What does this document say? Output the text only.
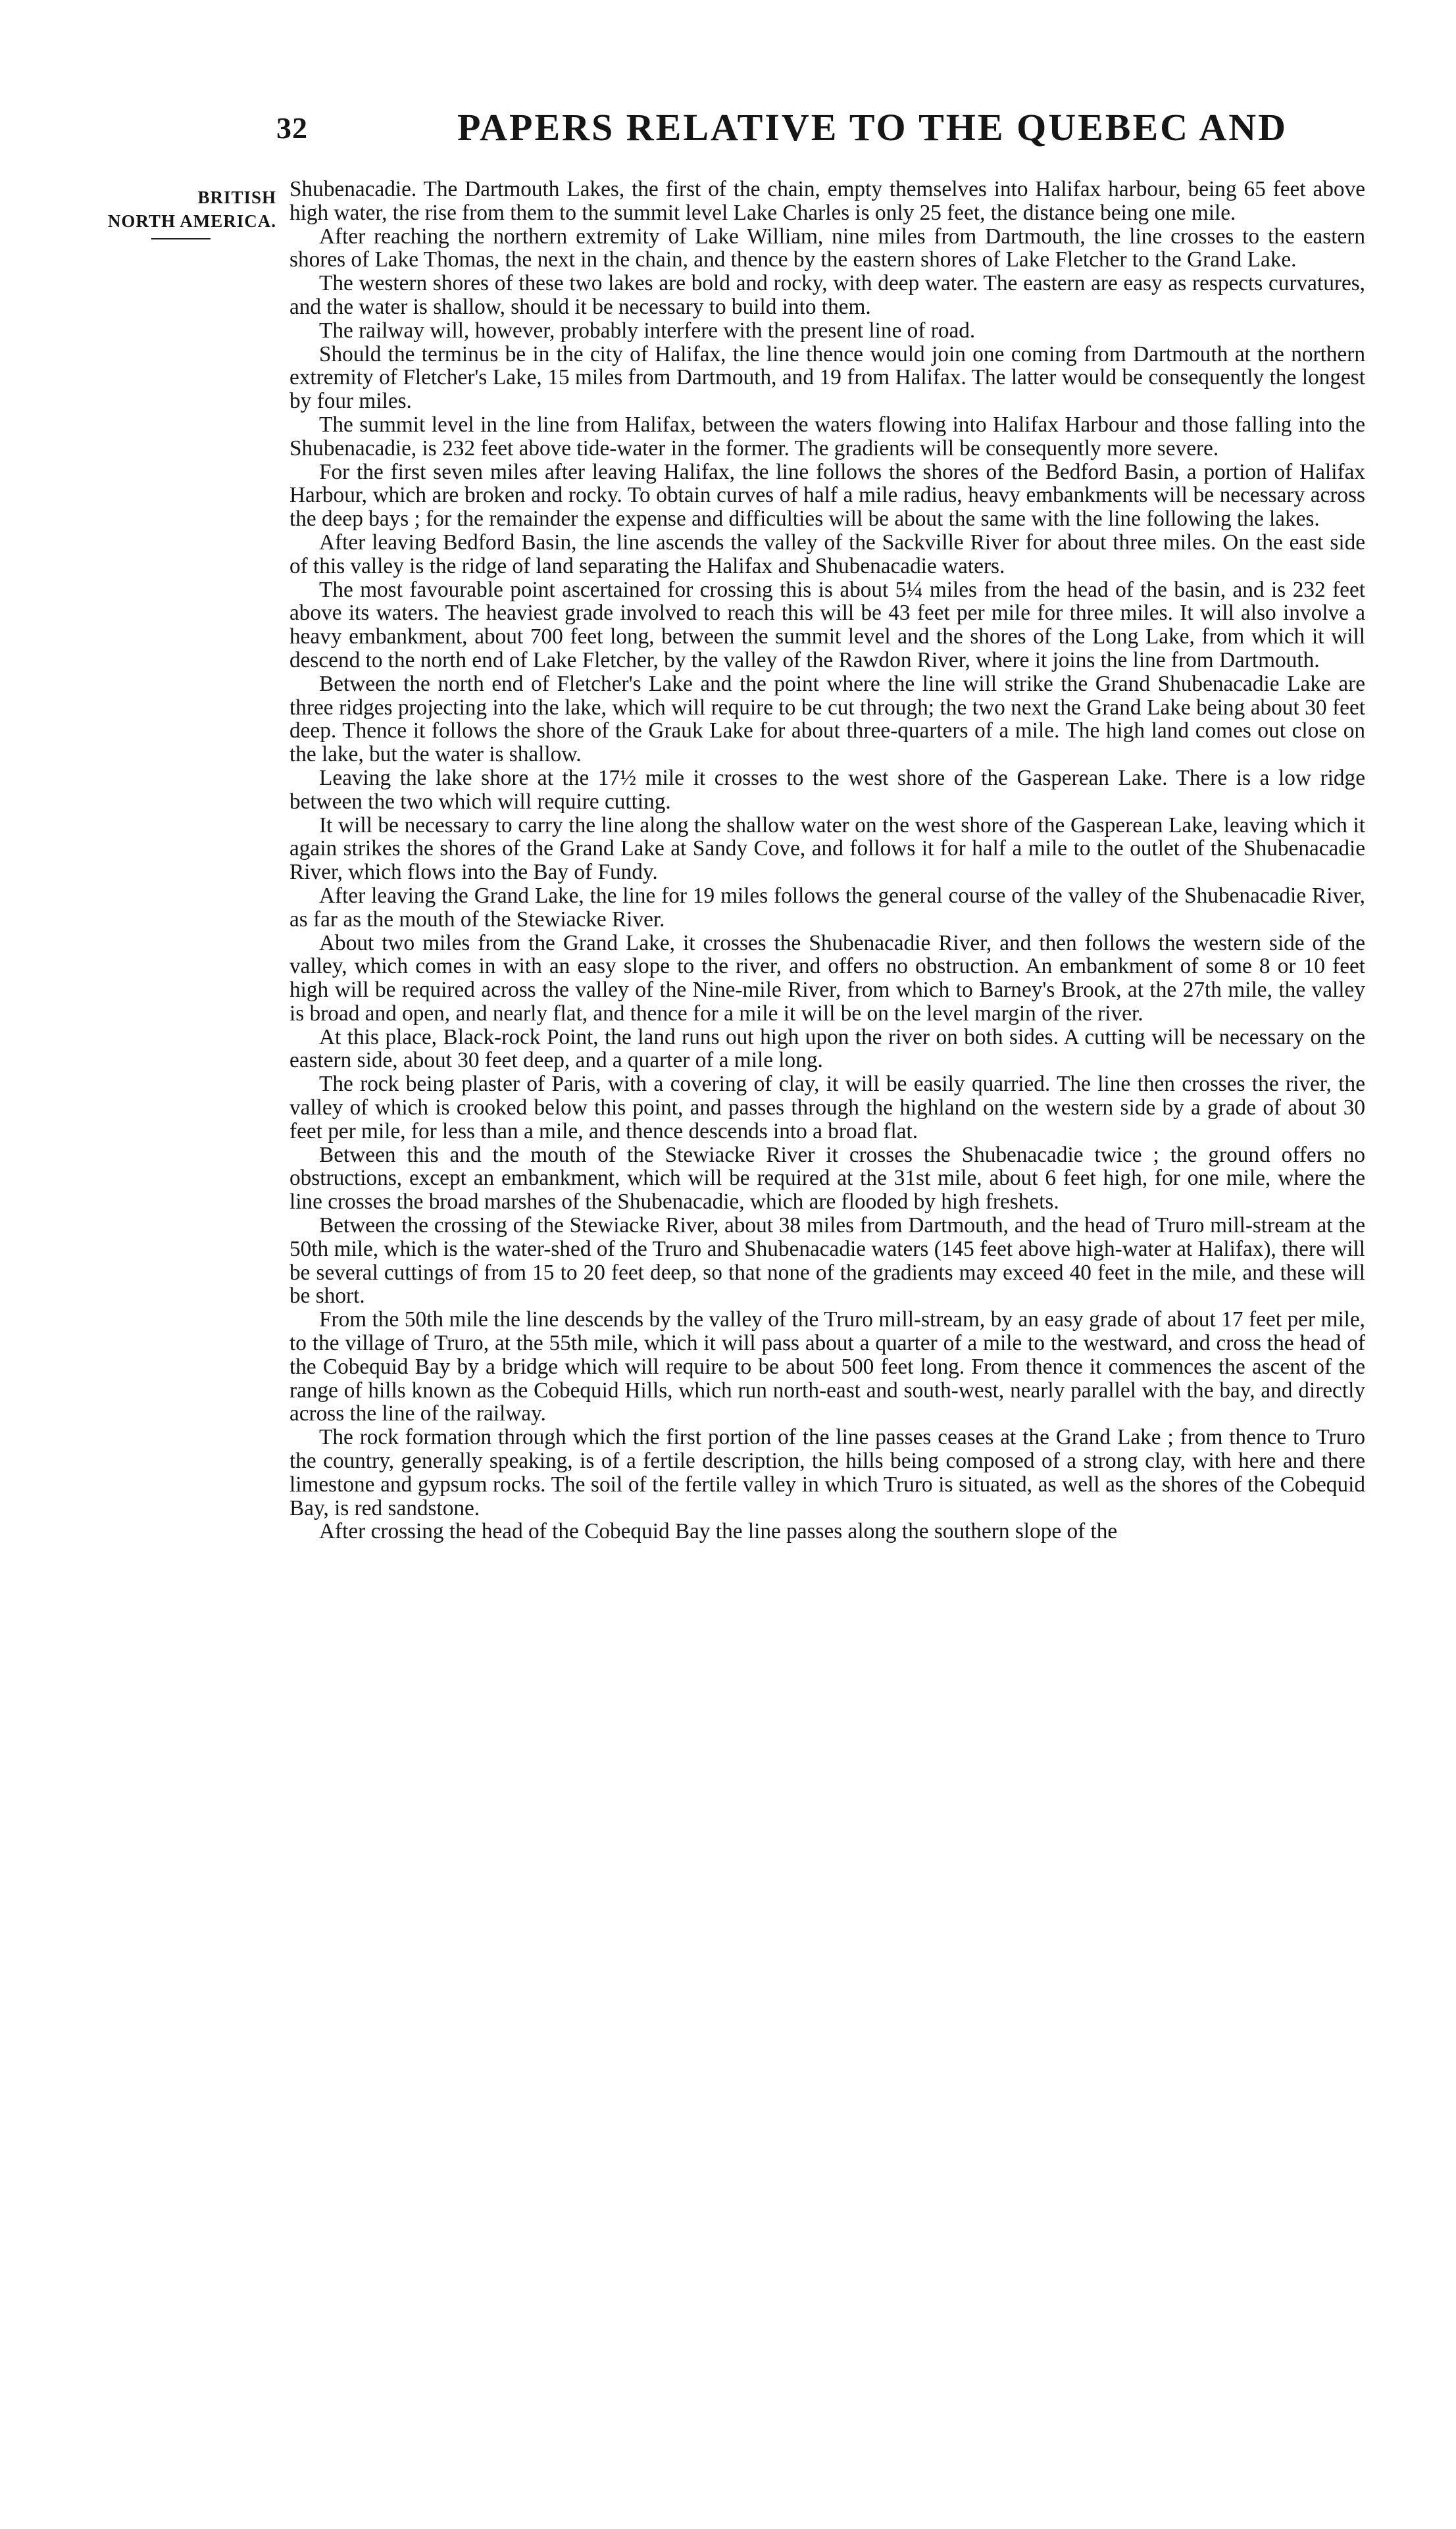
32	PAPERS RELATIVE TO THE QUEBEC AND
BRITISH
NORTH AMERICA.

Shubenacadie. The Dartmouth Lakes, the first of the chain, empty themselves into Halifax harbour, being 65 feet above high water, the rise from them to the summit level Lake Charles is only 25 feet, the distance being one mile.

After reaching the northern extremity of Lake William, nine miles from Dartmouth, the line crosses to the eastern shores of Lake Thomas, the next in the chain, and thence by the eastern shores of Lake Fletcher to the Grand Lake.

The western shores of these two lakes are bold and rocky, with deep water. The eastern are easy as respects curvatures, and the water is shallow, should it be necessary to build into them.

The railway will, however, probably interfere with the present line of road.

Should the terminus be in the city of Halifax, the line thence would join one coming from Dartmouth at the northern extremity of Fletcher's Lake, 15 miles from Dartmouth, and 19 from Halifax. The latter would be consequently the longest by four miles.

The summit level in the line from Halifax, between the waters flowing into Halifax Harbour and those falling into the Shubenacadie, is 232 feet above tide-water in the former. The gradients will be consequently more severe.

For the first seven miles after leaving Halifax, the line follows the shores of the Bedford Basin, a portion of Halifax Harbour, which are broken and rocky. To obtain curves of half a mile radius, heavy embankments will be necessary across the deep bays ; for the remainder the expense and difficulties will be about the same with the line following the lakes.

After leaving Bedford Basin, the line ascends the valley of the Sackville River for about three miles. On the east side of this valley is the ridge of land separating the Halifax and Shubenacadie waters.

The most favourable point ascertained for crossing this is about 5¼ miles from the head of the basin, and is 232 feet above its waters. The heaviest grade involved to reach this will be 43 feet per mile for three miles. It will also involve a heavy embankment, about 700 feet long, between the summit level and the shores of the Long Lake, from which it will descend to the north end of Lake Fletcher, by the valley of the Rawdon River, where it joins the line from Dartmouth.

Between the north end of Fletcher's Lake and the point where the line will strike the Grand Shubenacadie Lake are three ridges projecting into the lake, which will require to be cut through; the two next the Grand Lake being about 30 feet deep. Thence it follows the shore of the Grauk Lake for about three-quarters of a mile. The high land comes out close on the lake, but the water is shallow.

Leaving the lake shore at the 17½ mile it crosses to the west shore of the Gasperean Lake. There is a low ridge between the two which will require cutting.

It will be necessary to carry the line along the shallow water on the west shore of the Gasperean Lake, leaving which it again strikes the shores of the Grand Lake at Sandy Cove, and follows it for half a mile to the outlet of the Shubenacadie River, which flows into the Bay of Fundy.

After leaving the Grand Lake, the line for 19 miles follows the general course of the valley of the Shubenacadie River, as far as the mouth of the Stewiacke River.

About two miles from the Grand Lake, it crosses the Shubenacadie River, and then follows the western side of the valley, which comes in with an easy slope to the river, and offers no obstruction. An embankment of some 8 or 10 feet high will be required across the valley of the Nine-mile River, from which to Barney's Brook, at the 27th mile, the valley is broad and open, and nearly flat, and thence for a mile it will be on the level margin of the river.

At this place, Black-rock Point, the land runs out high upon the river on both sides. A cutting will be necessary on the eastern side, about 30 feet deep, and a quarter of a mile long.

The rock being plaster of Paris, with a covering of clay, it will be easily quarried. The line then crosses the river, the valley of which is crooked below this point, and passes through the highland on the western side by a grade of about 30 feet per mile, for less than a mile, and thence descends into a broad flat.

Between this and the mouth of the Stewiacke River it crosses the Shubenacadie twice ; the ground offers no obstructions, except an embankment, which will be required at the 31st mile, about 6 feet high, for one mile, where the line crosses the broad marshes of the Shubenacadie, which are flooded by high freshets.

Between the crossing of the Stewiacke River, about 38 miles from Dartmouth, and the head of Truro mill-stream at the 50th mile, which is the water-shed of the Truro and Shubenacadie waters (145 feet above high-water at Halifax), there will be several cuttings of from 15 to 20 feet deep, so that none of the gradients may exceed 40 feet in the mile, and these will be short.

From the 50th mile the line descends by the valley of the Truro mill-stream, by an easy grade of about 17 feet per mile, to the village of Truro, at the 55th mile, which it will pass about a quarter of a mile to the westward, and cross the head of the Cobequid Bay by a bridge which will require to be about 500 feet long. From thence it commences the ascent of the range of hills known as the Cobequid Hills, which run north-east and south-west, nearly parallel with the bay, and directly across the line of the railway.

The rock formation through which the first portion of the line passes ceases at the Grand Lake ; from thence to Truro the country, generally speaking, is of a fertile description, the hills being composed of a strong clay, with here and there limestone and gypsum rocks. The soil of the fertile valley in which Truro is situated, as well as the shores of the Cobequid Bay, is red sandstone.

After crossing the head of the Cobequid Bay the line passes along the southern slope of the
